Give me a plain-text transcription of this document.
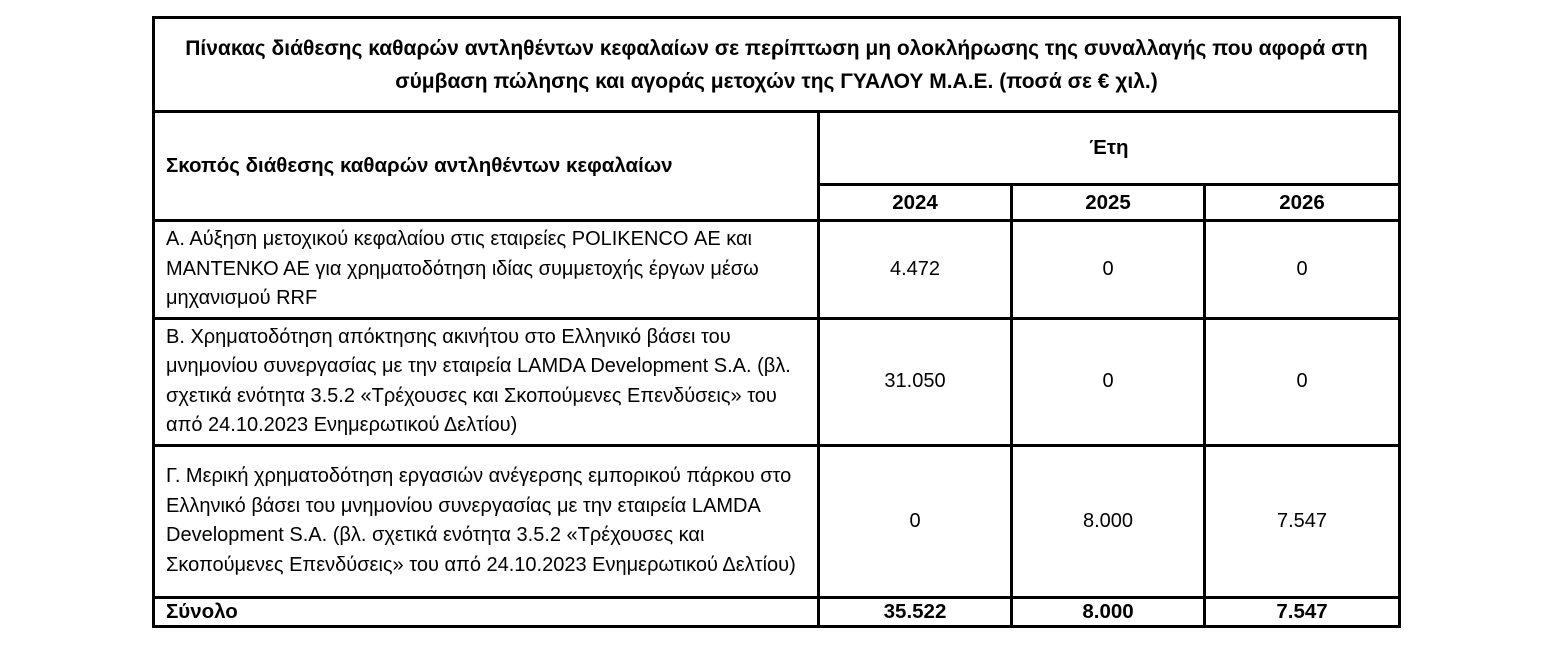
Πίνακας διάθεσης καθαρών αντληθέντων κεφαλαίων σε περίπτωση μη ολοκλήρωσης της συναλλαγής που αφορά στη σύμβαση πώλησης και αγοράς μετοχών της ΓΥΑΛΟΥ Μ.Α.Ε. (ποσά σε € χιλ.)			

Σκοπός διάθεσης καθαρών αντληθέντων κεφαλαίων	Έτη		
	2024	2025	2026
Α. Αύξηση μετοχικού κεφαλαίου στις εταιρείες POLIKENCO ΑΕ και ΜΑΝΤΕΝΚΟ ΑΕ για χρηματοδότηση ιδίας συμμετοχής έργων μέσω μηχανισμού RRF	4.472	0	0
Β. Χρηματοδότηση απόκτησης ακινήτου στο Ελληνικό βάσει του μνημονίου συνεργασίας με την εταιρεία LAMDA Development S.A. (βλ. σχετικά ενότητα 3.5.2 «Τρέχουσες και Σκοπούμενες Επενδύσεις» του από 24.10.2023 Ενημερωτικού Δελτίου)	31.050	0	0
Γ. Μερική χρηματοδότηση εργασιών ανέγερσης εμπορικού πάρκου στο Ελληνικό βάσει του μνημονίου συνεργασίας με την εταιρεία LAMDA Development S.A. (βλ. σχετικά ενότητα 3.5.2 «Τρέχουσες και Σκοπούμενες Επενδύσεις» του από 24.10.2023 Ενημερωτικού Δελτίου)	0	8.000	7.547
Σύνολο	35.522	8.000	7.547
